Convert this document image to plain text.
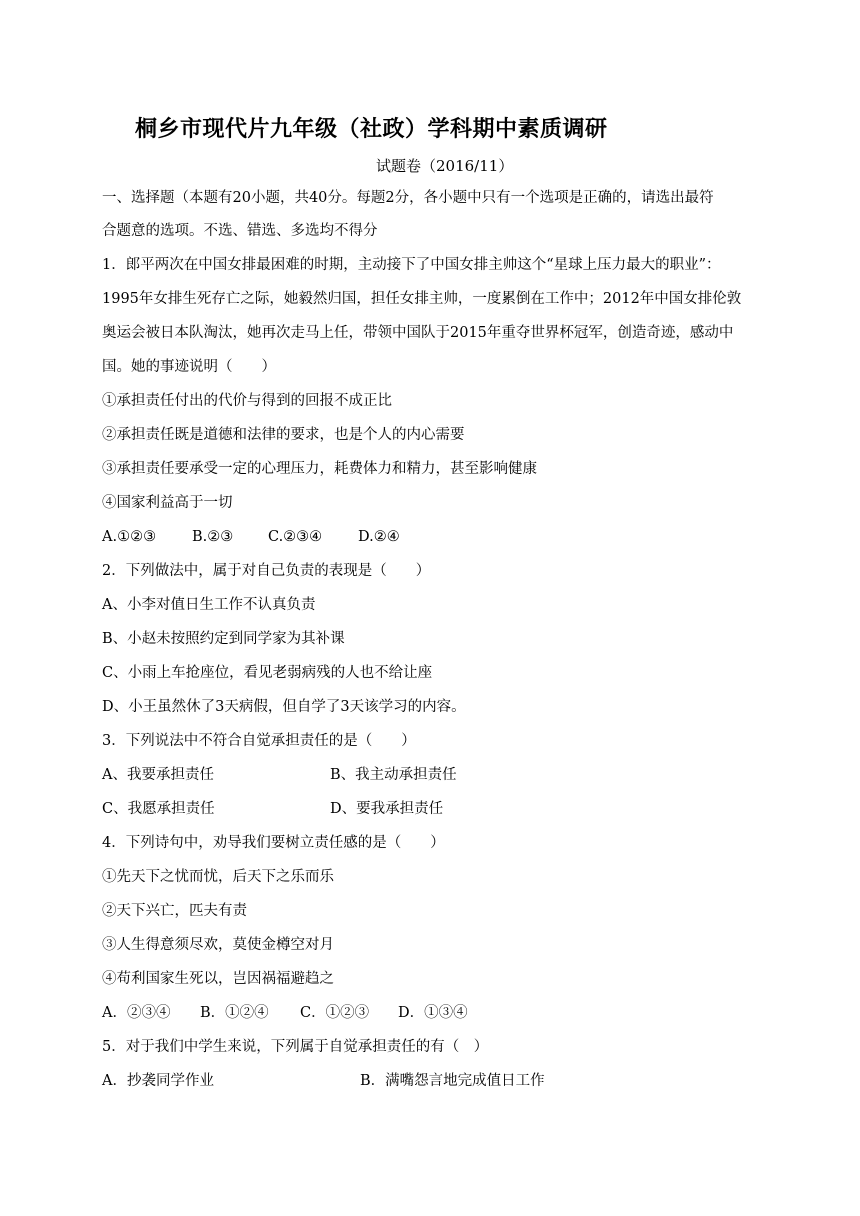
桐乡市现代片九年级（社政）学科期中素质调研
试题卷（2016/11）
一、选择题（本题有20小题，共40分。每题2分，各小题中只有一个选项是正确的，请选出最符
合题意的选项。不选、错选、多选均不得分
1．郎平两次在中国女排最困难的时期，主动接下了中国女排主帅这个“星球上压力最大的职业”：
1995年女排生死存亡之际，她毅然归国，担任女排主帅，一度累倒在工作中；2012年中国女排伦敦
奥运会被日本队淘汰，她再次走马上任，带领中国队于2015年重夺世界杯冠军，创造奇迹，感动中
国。她的事迹说明（　　）
①承担责任付出的代价与得到的回报不成正比
②承担责任既是道德和法律的要求，也是个人的内心需要
③承担责任要承受一定的心理压力，耗费体力和精力，甚至影响健康
④国家利益高于一切
A.①②③ B.②③ C.②③④ D.②④
2．下列做法中，属于对自己负责的表现是（　　）
A、小李对值日生工作不认真负责
B、小赵未按照约定到同学家为其补课
C、小雨上车抢座位，看见老弱病残的人也不给让座
D、小王虽然休了3天病假，但自学了3天该学习的内容。
3．下列说法中不符合自觉承担责任的是（　　）
A、我要承担责任	B、我主动承担责任
C、我愿承担责任	D、要我承担责任
4．下列诗句中，劝导我们要树立责任感的是（　　）
①先天下之忧而忧，后天下之乐而乐
②天下兴亡，匹夫有责
③人生得意须尽欢，莫使金樽空对月
④苟利国家生死以，岂因祸福避趋之
A．②③④ B．①②④ C．①②③ D．①③④
5．对于我们中学生来说，下列属于自觉承担责任的有（　）
A．抄袭同学作业	B．满嘴怨言地完成值日工作
